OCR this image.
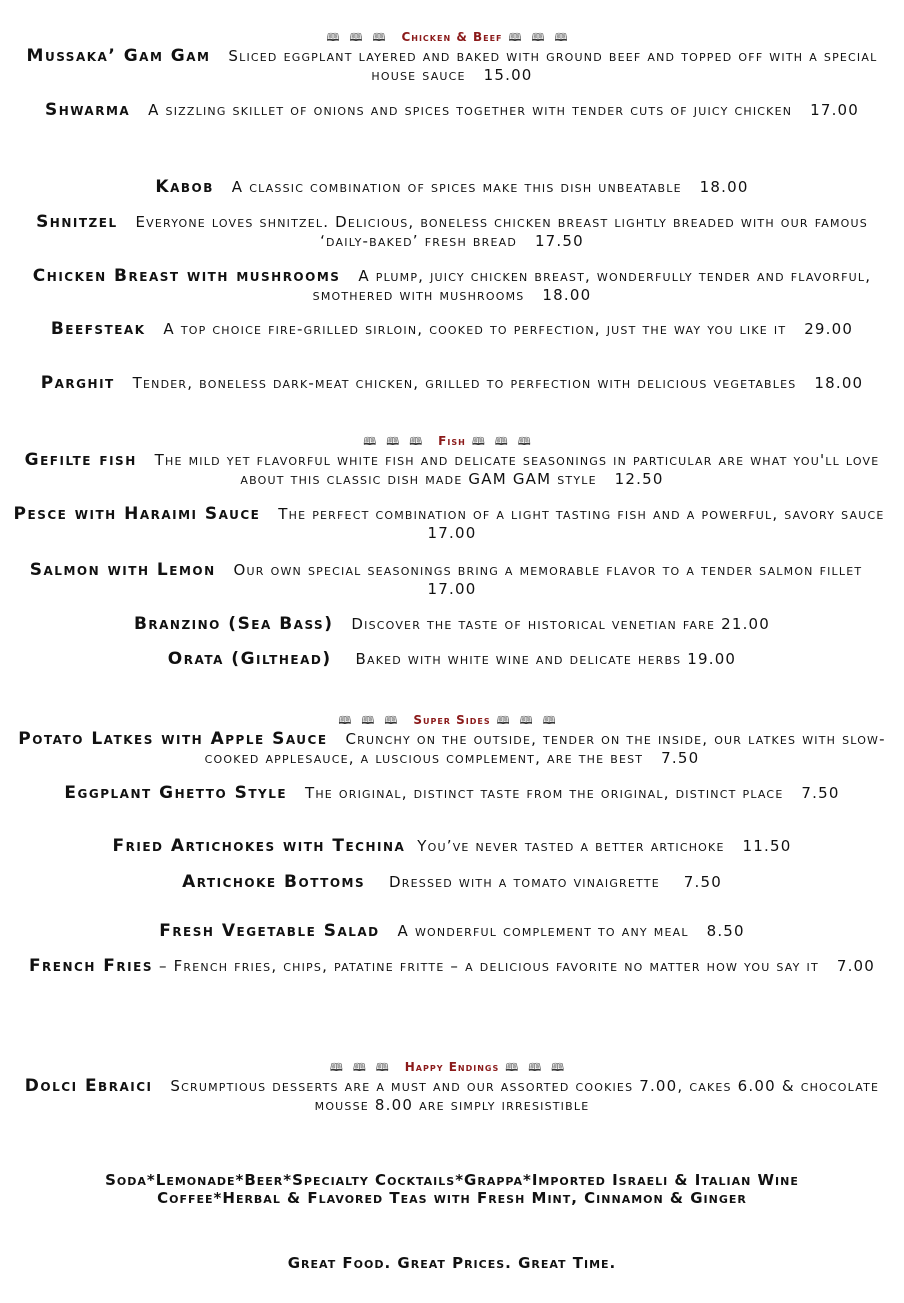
🕮🕮🕮 Chicken & Beef 🕮🕮🕮
Mussaka’ Gam Gam Sliced eggplant layered and baked with ground beef and topped off with a special house sauce 15.00
Shwarma A sizzling skillet of onions and spices together with tender cuts of juicy chicken 17.00
Kabob A classic combination of spices make this dish unbeatable 18.00
Shnitzel Everyone loves shnitzel. Delicious, boneless chicken breast lightly breaded with our famous ‘daily-baked’ fresh bread 17.50
Chicken Breast with mushrooms A plump, juicy chicken breast, wonderfully tender and flavorful, smothered with mushrooms 18.00
Beefsteak A top choice fire-grilled sirloin, cooked to perfection, just the way you like it 29.00
Parghit Tender, boneless dark-meat chicken, grilled to perfection with delicious vegetables 18.00
🕮🕮🕮 Fish 🕮🕮🕮
Gefilte fish The mild yet flavorful white fish and delicate seasonings in particular are what you'll love about this classic dish made GAM GAM style 12.50
Pesce with Haraimi Sauce The perfect combination of a light tasting fish and a powerful, savory sauce  17.00
Salmon with Lemon Our own special seasonings bring a memorable flavor to a tender salmon fillet   17.00
Branzino (Sea Bass) Discover the taste of historical venetian fare 21.00
Orata (Gilthead) Baked with white wine and delicate herbs 19.00
🕮🕮🕮 Super Sides 🕮🕮🕮
Potato Latkes with Apple Sauce Crunchy on the outside, tender on the inside, our latkes with slow-cooked applesauce, a luscious complement, are the best 7.50
Eggplant Ghetto Style The original, distinct taste from the original, distinct place 7.50
Fried Artichokes with Techina You’ve never tasted a better artichoke 11.50
Artichoke Bottoms Dressed with a tomato vinaigrette 7.50
Fresh Vegetable Salad A wonderful complement to any meal 8.50
French Fries – French fries, chips, patatine fritte – a delicious favorite no matter how you say it 7.00
🕮🕮🕮 Happy Endings 🕮🕮🕮
Dolci Ebraici Scrumptious desserts are a must and our assorted cookies 7.00, cakes 6.00 & chocolate mousse 8.00 are simply irresistible
Soda*Lemonade*Beer*Specialty Cocktails*Grappa*Imported Israeli & Italian Wine
Coffee*Herbal & Flavored Teas with Fresh Mint, Cinnamon & Ginger
Great Food. Great Prices. Great Time.
